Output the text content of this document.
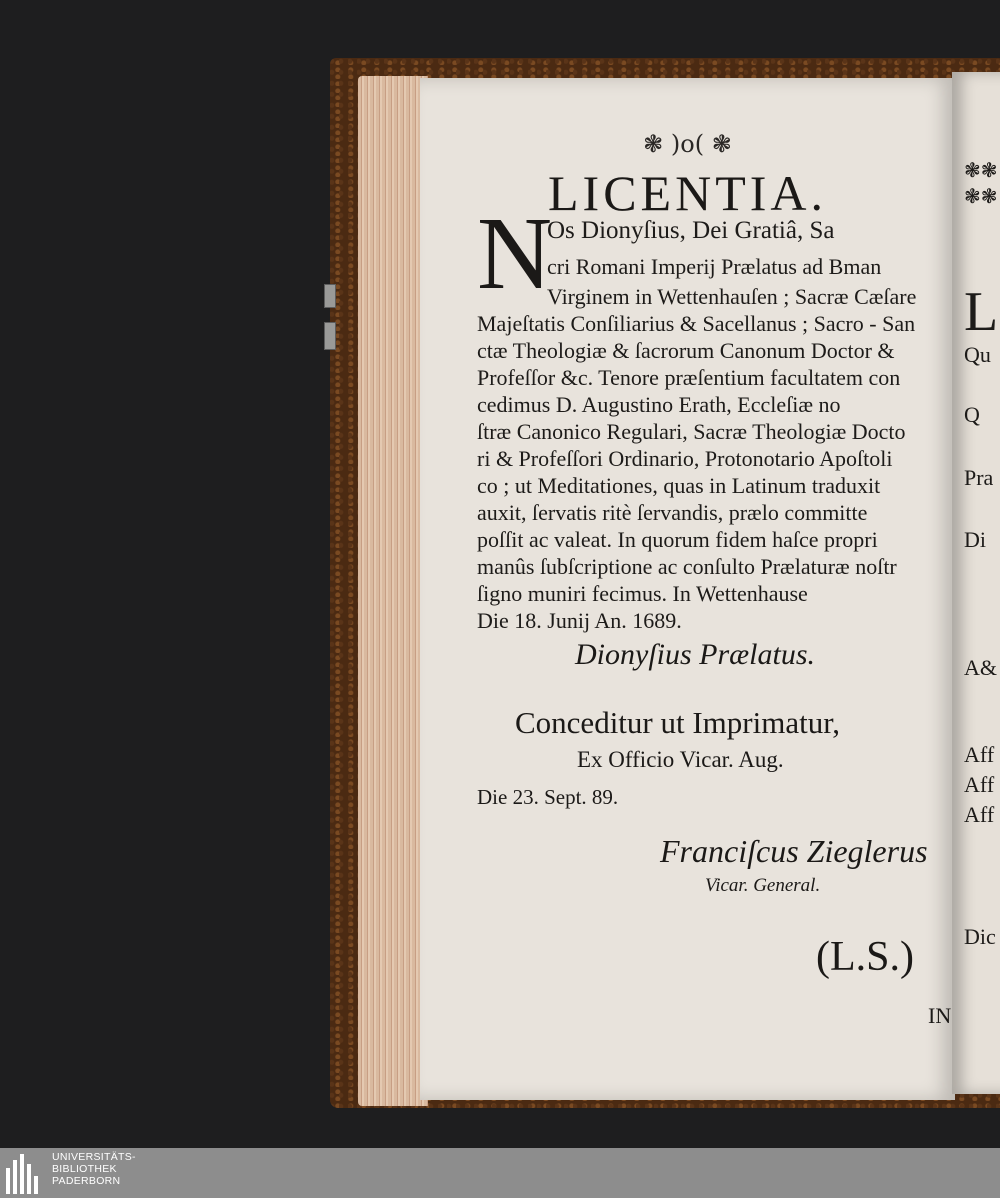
❃ )o( ❃
LICENTIA.
N
Os Dionyſius, Dei Gratiâ, Sa
cri Romani Imperij Prælatus ad Bman
Virginem in Wettenhauſen ; Sacræ Cæſare
Majeſtatis Conſiliarius & Sacellanus ; Sacro - San
ctæ Theologiæ & ſacrorum Canonum Doctor &
Profeſſor &c. Tenore præſentium facultatem con
cedimus D. Augustino Erath, Eccleſiæ no
ſtræ Canonico Regulari, Sacræ Theologiæ Docto
ri & Profeſſori Ordinario, Protonotario Apoſtoli
co ; ut Meditationes, quas in Latinum traduxit
auxit, ſervatis ritè ſervandis, prælo committe
poſſit ac valeat. In quorum fidem haſce propri
manûs ſubſcriptione ac conſulto Prælaturæ noſtr
ſigno muniri fecimus. In Wettenhause
Die 18. Junij An. 1689.
Dionyſius Prælatus.
Conceditur ut Imprimatur,
Ex Officio Vicar. Aug.
Die 23. Sept. 89.
Franciſcus Zieglerus
Vicar. General.
(L.S.)
IN
❃❃
❃❃
L
Qu
Q
Pra
Di
A&
Aff
Aff
Aff
Dic
UNIVERSITÄTS-
BIBLIOTHEK
PADERBORN
